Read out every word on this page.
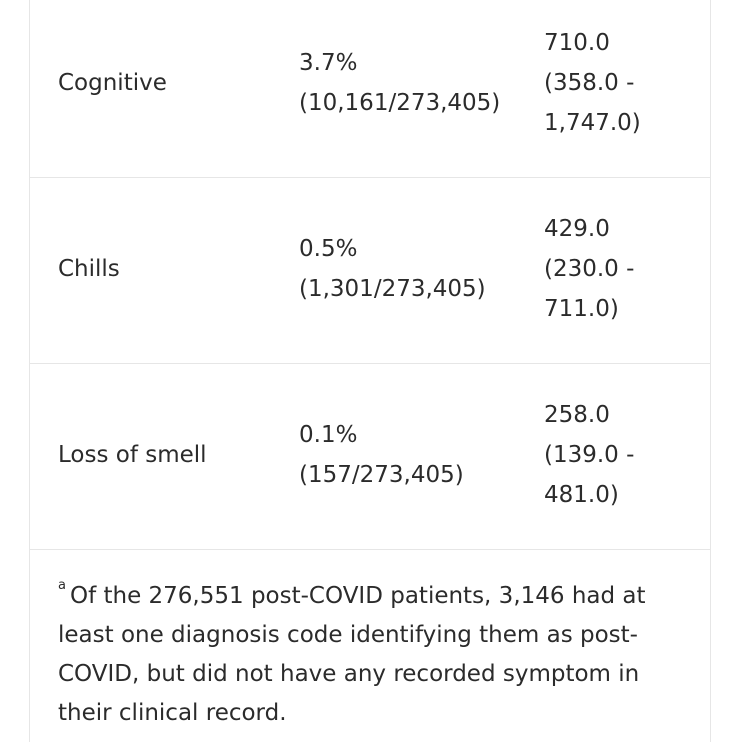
Cognitive
3.7%
(10,161/273,405)
710.0
(358.0 -
1,747.0)
Chills
0.5%
(1,301/273,405)
429.0
(230.0 -
711.0)
Loss of smell
0.1%
(157/273,405)
258.0
(139.0 -
481.0)
$^a$ Of the 276,551 post-COVID patients, 3,146 had at least one diagnosis code identifying them as post-COVID, but did not have any recorded symptom in their clinical record.
